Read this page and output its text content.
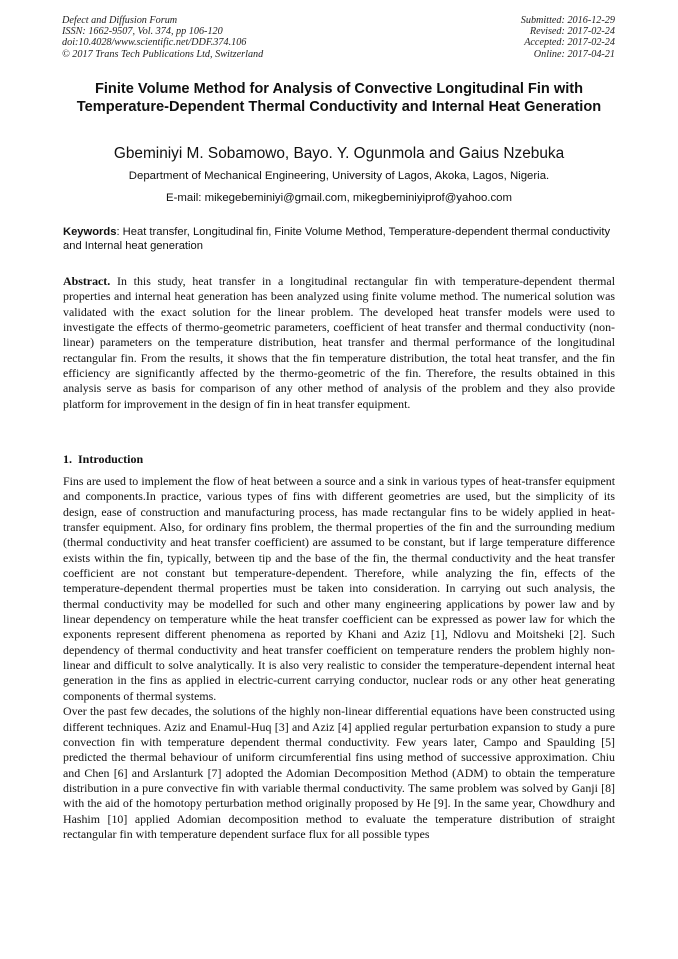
Defect and Diffusion Forum
ISSN: 1662-9507, Vol. 374, pp 106-120
doi:10.4028/www.scientific.net/DDF.374.106
© 2017 Trans Tech Publications Ltd, Switzerland
Submitted: 2016-12-29
Revised: 2017-02-24
Accepted: 2017-02-24
Online: 2017-04-21
Finite Volume Method for Analysis of Convective Longitudinal Fin with Temperature-Dependent Thermal Conductivity and Internal Heat Generation
Gbeminiyi M. Sobamowo, Bayo. Y. Ogunmola and Gaius Nzebuka
Department of Mechanical Engineering, University of Lagos, Akoka, Lagos, Nigeria.
E-mail: mikegebeminiyi@gmail.com, mikegbeminiyiprof@yahoo.com
Keywords: Heat transfer, Longitudinal fin, Finite Volume Method, Temperature-dependent thermal conductivity and Internal heat generation
Abstract. In this study, heat transfer in a longitudinal rectangular fin with temperature-dependent thermal properties and internal heat generation has been analyzed using finite volume method. The numerical solution was validated with the exact solution for the linear problem. The developed heat transfer models were used to investigate the effects of thermo-geometric parameters, coefficient of heat transfer and thermal conductivity (non-linear) parameters on the temperature distribution, heat transfer and thermal performance of the longitudinal rectangular fin. From the results, it shows that the fin temperature distribution, the total heat transfer, and the fin efficiency are significantly affected by the thermo-geometric of the fin. Therefore, the results obtained in this analysis serve as basis for comparison of any other method of analysis of the problem and they also provide platform for improvement in the design of fin in heat transfer equipment.
1. Introduction

Fins are used to implement the flow of heat between a source and a sink in various types of heat-transfer equipment and components.In practice, various types of fins with different geometries are used, but the simplicity of its design, ease of construction and manufacturing process, has made rectangular fins to be widely applied in heat-transfer equipment. Also, for ordinary fins problem, the thermal properties of the fin and the surrounding medium (thermal conductivity and heat transfer coefficient) are assumed to be constant, but if large temperature difference exists within the fin, typically, between tip and the base of the fin, the thermal conductivity and the heat transfer coefficient are not constant but temperature-dependent. Therefore, while analyzing the fin, effects of the temperature-dependent thermal properties must be taken into consideration. In carrying out such analysis, the thermal conductivity may be modelled for such and other many engineering applications by power law and by linear dependency on temperature while the heat transfer coefficient can be expressed as power law for which the exponents represent different phenomena as reported by Khani and Aziz [1], Ndlovu and Moitsheki [2]. Such dependency of thermal conductivity and heat transfer coefficient on temperature renders the problem highly non-linear and difficult to solve analytically. It is also very realistic to consider the temperature-dependent internal heat generation in the fins as applied in electric-current carrying conductor, nuclear rods or any other heat generating components of thermal systems.

Over the past few decades, the solutions of the highly non-linear differential equations have been constructed using different techniques. Aziz and Enamul-Huq [3] and Aziz [4] applied regular perturbation expansion to study a pure convection fin with temperature dependent thermal conductivity. Few years later, Campo and Spaulding [5] predicted the thermal behaviour of uniform circumferential fins using method of successive approximation. Chiu and Chen [6] and Arslanturk [7] adopted the Adomian Decomposition Method (ADM) to obtain the temperature distribution in a pure convective fin with variable thermal conductivity. The same problem was solved by Ganji [8] with the aid of the homotopy perturbation method originally proposed by He [9]. In the same year, Chowdhury and Hashim [10] applied Adomian decomposition method to evaluate the temperature distribution of straight rectangular fin with temperature dependent surface flux for all possible types
